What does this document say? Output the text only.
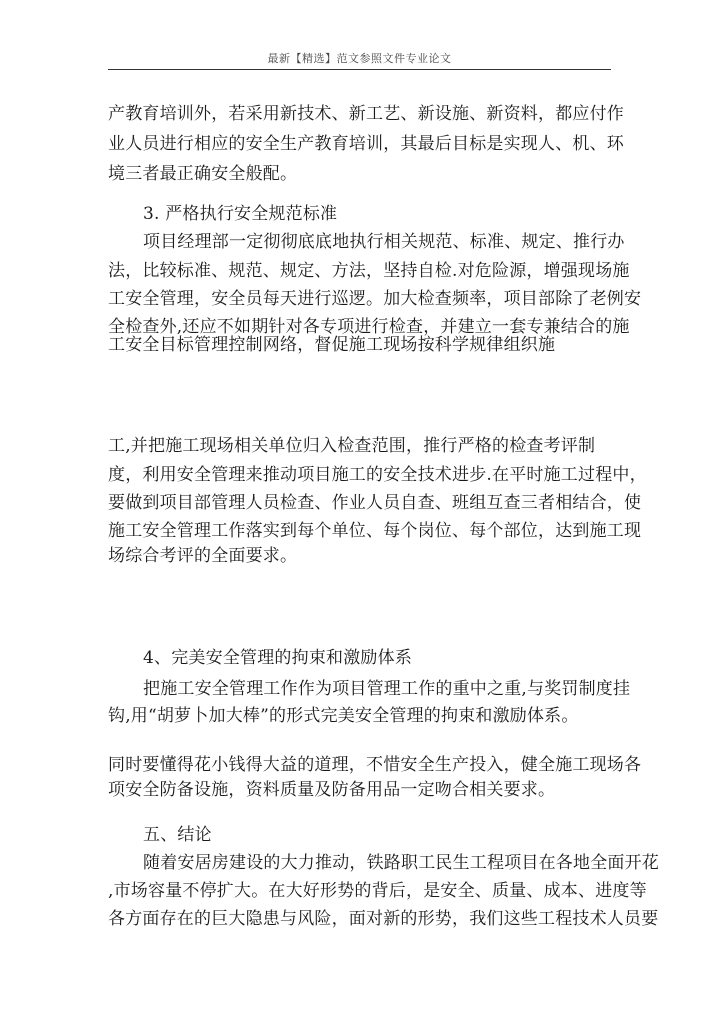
最新【精选】范文参照文件专业论文
产教育培训外，若采用新技术、新工艺、新设施、新资料，都应付作
业人员进行相应的安全生产教育培训，其最后目标是实现人、机、环
境三者最正确安全般配。
3. 严格执行安全规范标准
项目经理部一定彻彻底底地执行相关规范、标准、规定、推行办
法，比较标准、规范、规定、方法，坚持自检.对危险源，增强现场施
工安全管理，安全员每天进行巡逻。加大检查频率，项目部除了老例安
全检查外,还应不如期针对各专项进行检查，并建立一套专兼结合的施
工安全目标管理控制网络，督促施工现场按科学规律组织施
工,并把施工现场相关单位归入检查范围，推行严格的检查考评制
度，利用安全管理来推动项目施工的安全技术进步.在平时施工过程中，
要做到项目部管理人员检查、作业人员自查、班组互查三者相结合，使
施工安全管理工作落实到每个单位、每个岗位、每个部位，达到施工现
场综合考评的全面要求。
4、完美安全管理的拘束和激励体系
把施工安全管理工作作为项目管理工作的重中之重,与奖罚制度挂
钩,用“胡萝卜加大棒”的形式完美安全管理的拘束和激励体系。
同时要懂得花小钱得大益的道理，不惜安全生产投入，健全施工现场各
项安全防备设施，资料质量及防备用品一定吻合相关要求。
五、结论
随着安居房建设的大力推动，铁路职工民生工程项目在各地全面开花
,市场容量不停扩大。在大好形势的背后，是安全、质量、成本、进度等
各方面存在的巨大隐患与风险，面对新的形势，我们这些工程技术人员要
